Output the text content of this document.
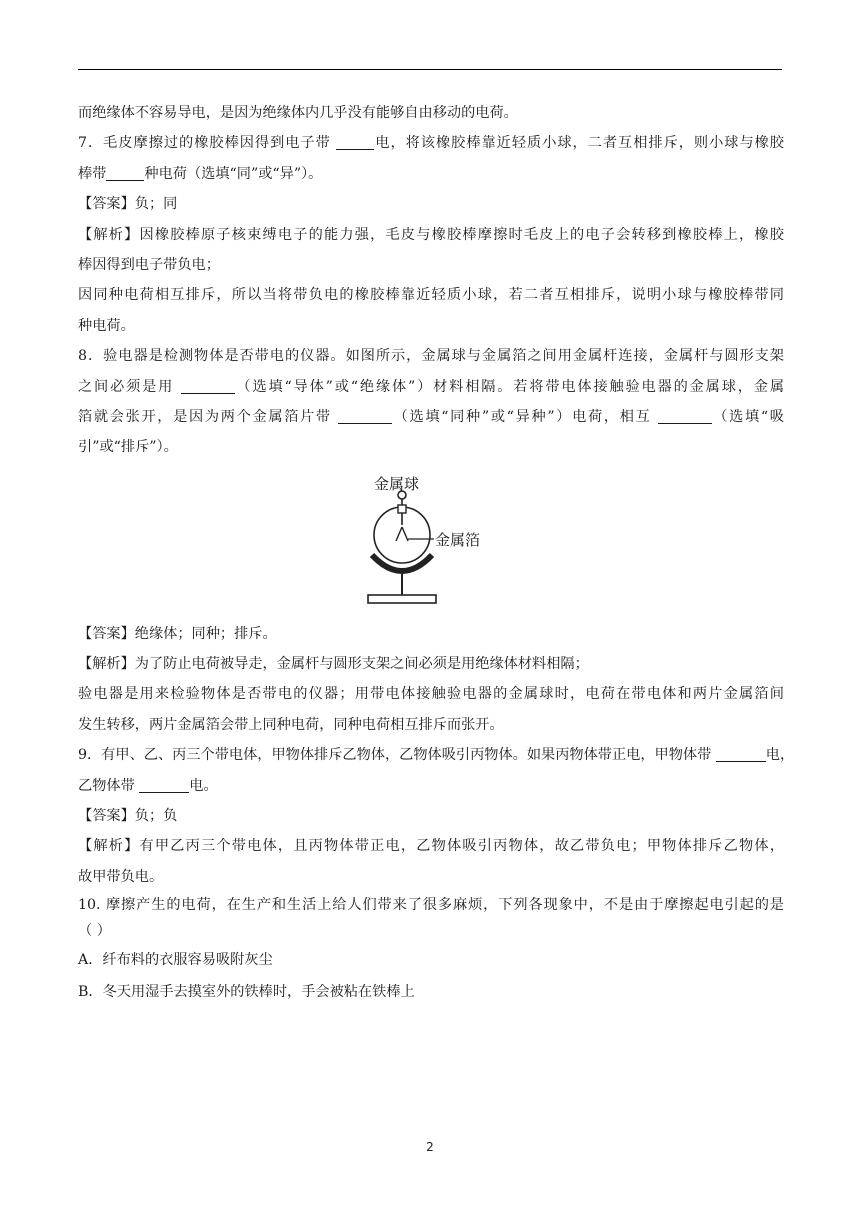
而绝缘体不容易导电，是因为绝缘体内几乎没有能够自由移动的电荷。
7．毛皮摩擦过的橡胶棒因得到电子带	电，将该橡胶棒靠近轻质小球，二者互相排斥，则小球与橡胶
棒带	种电荷（选填“同”或“异”）。
【答案】负；同
【解析】因橡胶棒原子核束缚电子的能力强，毛皮与橡胶棒摩擦时毛皮上的电子会转移到橡胶棒上，橡胶
棒因得到电子带负电；
因同种电荷相互排斥，所以当将带负电的橡胶棒靠近轻质小球，若二者互相排斥，说明小球与橡胶棒带同
种电荷。
8．验电器是检测物体是否带电的仪器。如图所示，金属球与金属箔之间用金属杆连接，金属杆与圆形支架
之间必须是用	（选填“导体”或“绝缘体”）材料相隔。若将带电体接触验电器的金属球，金属
箔就会张开，是因为两个金属箔片带	（选填“同种”或“异种”）电荷，相互	（选填“吸
引”或“排斥”）。
金属球
金属箔
【答案】绝缘体；同种；排斥。
【解析】为了防止电荷被导走，金属杆与圆形支架之间必须是用绝缘体材料相隔；
验电器是用来检验物体是否带电的仪器；用带电体接触验电器的金属球时，电荷在带电体和两片金属箔间
发生转移，两片金属箔会带上同种电荷，同种电荷相互排斥而张开。
9．有甲、乙、丙三个带电体，甲物体排斥乙物体，乙物体吸引丙物体。如果丙物体带正电，甲物体带	电，
乙物体带	电。
【答案】负；负
【解析】有甲乙丙三个带电体，且丙物体带正电，乙物体吸引丙物体，故乙带负电；甲物体排斥乙物体，
故甲带负电。
10. 摩擦产生的电荷，在生产和生活上给人们带来了很多麻烦，下列各现象中，不是由于摩擦起电引起的是
（ ）
A．纤布料的衣服容易吸附灰尘
B．冬天用湿手去摸室外的铁棒时，手会被粘在铁棒上
2
